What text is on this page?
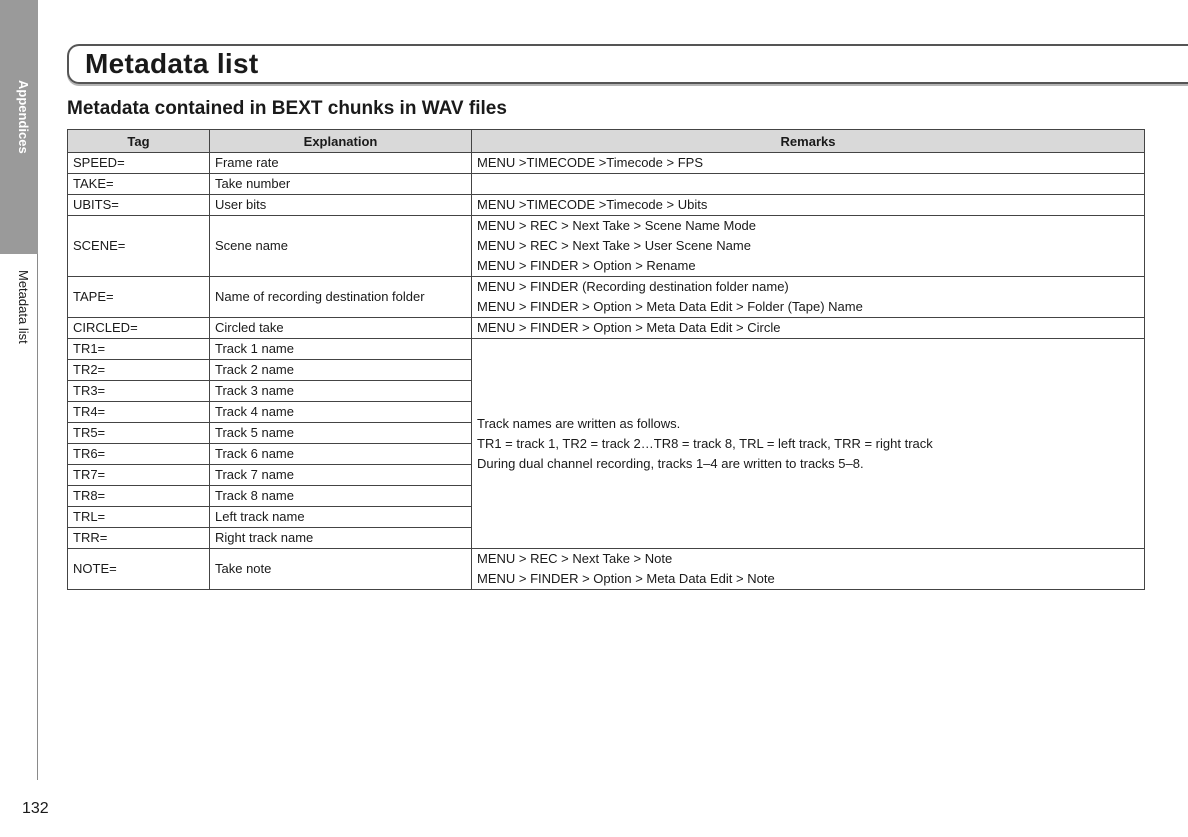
Appendices
Metadata list
132
Metadata list
Metadata contained in BEXT chunks in WAV files
Tag	Explanation	Remarks
SPEED=	Frame rate	MENU >TIMECODE >Timecode > FPS

TAKE=	Take number	
UBITS=	User bits	MENU >TIMECODE >Timecode > Ubits

SCENE=	Scene name	MENU > REC > Next Take > Scene Name Mode
MENU > REC > Next Take > User Scene Name
MENU > FINDER > Option > Rename

TAPE=	Name of recording destination folder	MENU > FINDER (Recording destination folder name)
MENU > FINDER > Option > Meta Data Edit > Folder (Tape) Name

CIRCLED=	Circled take	MENU > FINDER > Option > Meta Data Edit > Circle

TR1=	Track 1 name	Track names are written as follows.
TR1 = track 1, TR2 = track 2…TR8 = track 8, TRL = left track, TRR = right track
During dual channel recording, tracks 1–4 are written to tracks 5–8.

TR2=	Track 2 name	
TR3=	Track 3 name	
TR4=	Track 4 name	
TR5=	Track 5 name	
TR6=	Track 6 name	
TR7=	Track 7 name	
TR8=	Track 8 name	
TRL=	Left track name	
TRR=	Right track name	
NOTE=	Take note	MENU > REC > Next Take > Note
MENU > FINDER > Option > Meta Data Edit > Note
